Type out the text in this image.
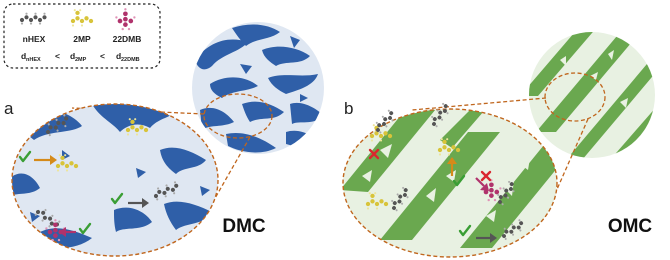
nHEX	2MP	22DMB
d nHEX < d 2MP < d 22DMB
a
DMC
b
OMC
